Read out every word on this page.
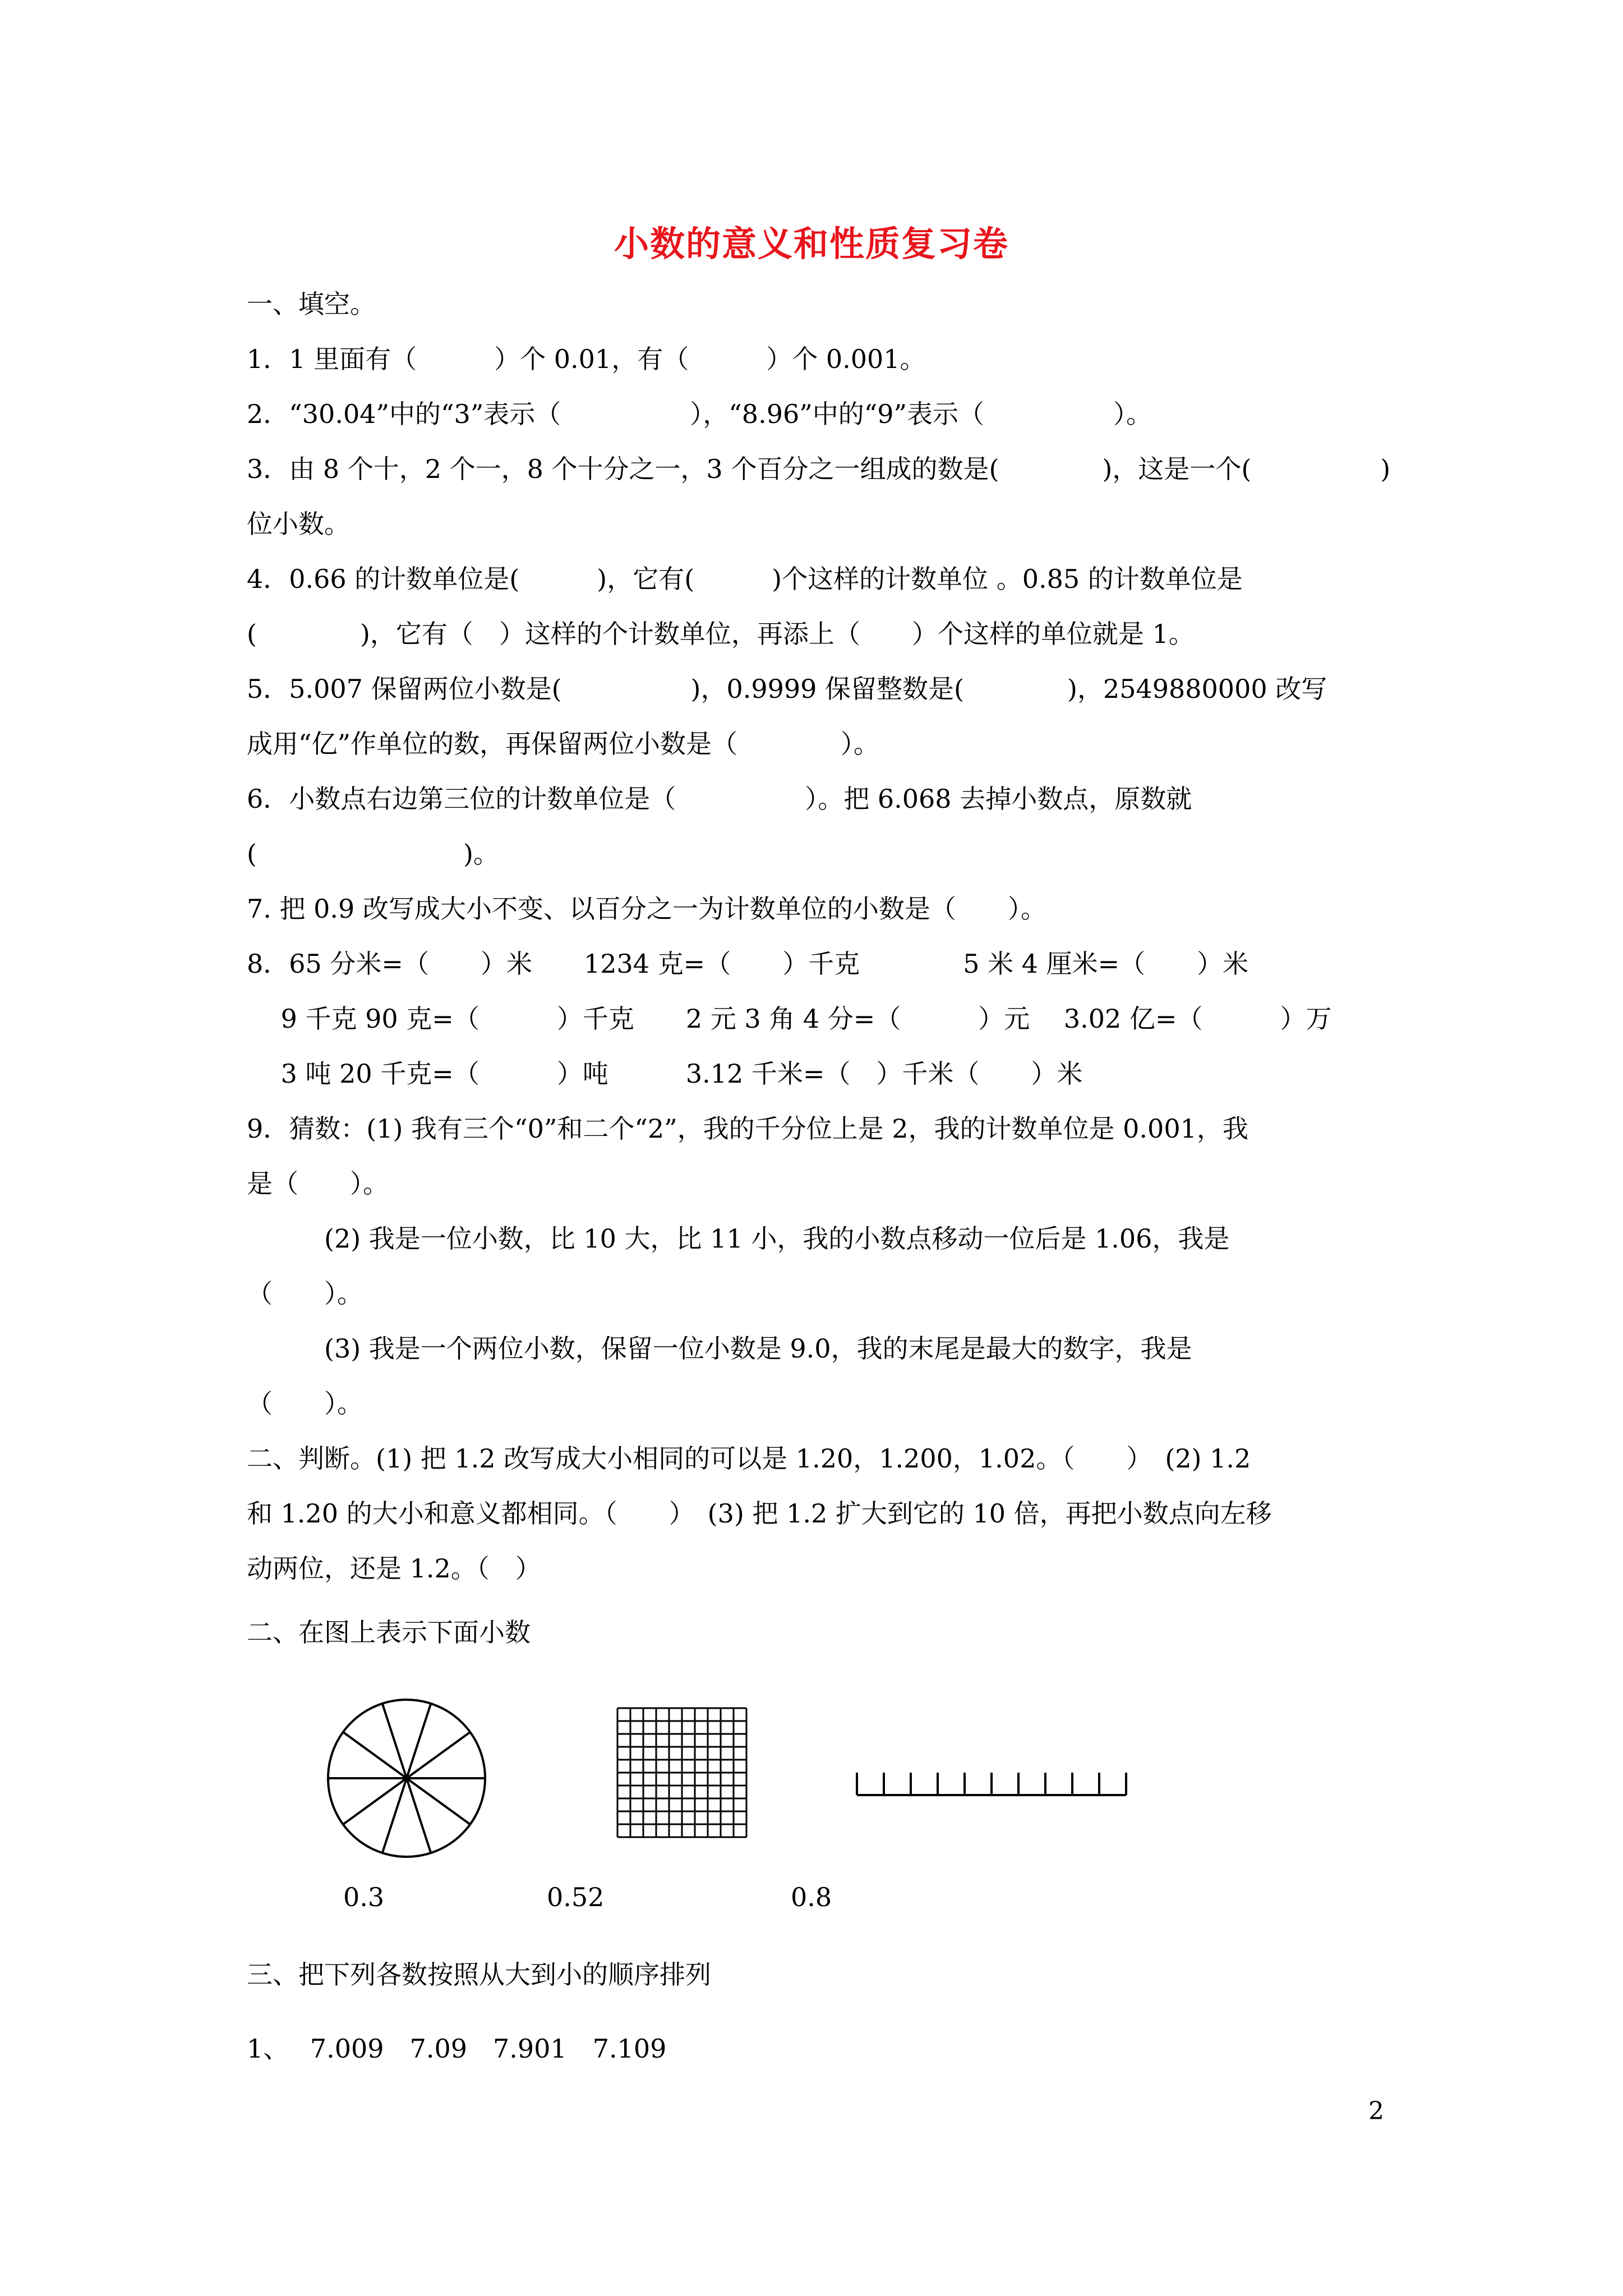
小数的意义和性质复习卷
一、填空。
1．1 里面有（　　　）个 0.01，有（　　　）个 0.001。
2．“30.04”中的“3”表示（　　　　　），“8.96”中的“9”表示（　　　　　）。
3．由 8 个十，2 个一，8 个十分之一，3 个百分之一组成的数是(　　　　)，这是一个(　　　　　)
位小数。
4．0.66 的计数单位是(　　　)，它有(　　　)个这样的计数单位 。0.85 的计数单位是
(　　　　)，它有（　）这样的个计数单位，再添上（　　）个这样的单位就是 1。
5．5.007 保留两位小数是(　　　　　)，0.9999 保留整数是(　　　　)，2549880000 改写
成用“亿”作单位的数，再保留两位小数是（　　　　）。
6．小数点右边第三位的计数单位是（　　　　　）。把 6.068 去掉小数点，原数就
(　　　　　　　　)。
7. 把 0.9 改写成大小不变、以百分之一为计数单位的小数是（　　）。
8．65 分米=（　　）米　　1234 克=（　　）千克　　　　5 米 4 厘米=（　　）米
　 9 千克 90 克=（　　　）千克　　2 元 3 角 4 分=（　　　）元　 3.02 亿=（　　　）万
　 3 吨 20 千克=（　　　）吨　　　3.12 千米=（　）千米（　　）米
9．猜数：(1) 我有三个“0”和二个“2”，我的千分位上是 2，我的计数单位是 0.001，我
是（　　）。
　　　(2) 我是一位小数，比 10 大，比 11 小，我的小数点移动一位后是 1.06，我是
（　　）。
　　　(3) 我是一个两位小数，保留一位小数是 9.0，我的末尾是最大的数字，我是
（　　）。
二、判断。(1) 把 1.2 改写成大小相同的可以是 1.20，1.200，1.02。（　　）　(2) 1.2
和 1.20 的大小和意义都相同。（　　）　(3) 把 1.2 扩大到它的 10 倍，再把小数点向左移
动两位，还是 1.2。（　）
二、在图上表示下面小数
0.3	0.52	0.8
三、把下列各数按照从大到小的顺序排列
1、　 7.009　7.09　7.901　7.109
2
